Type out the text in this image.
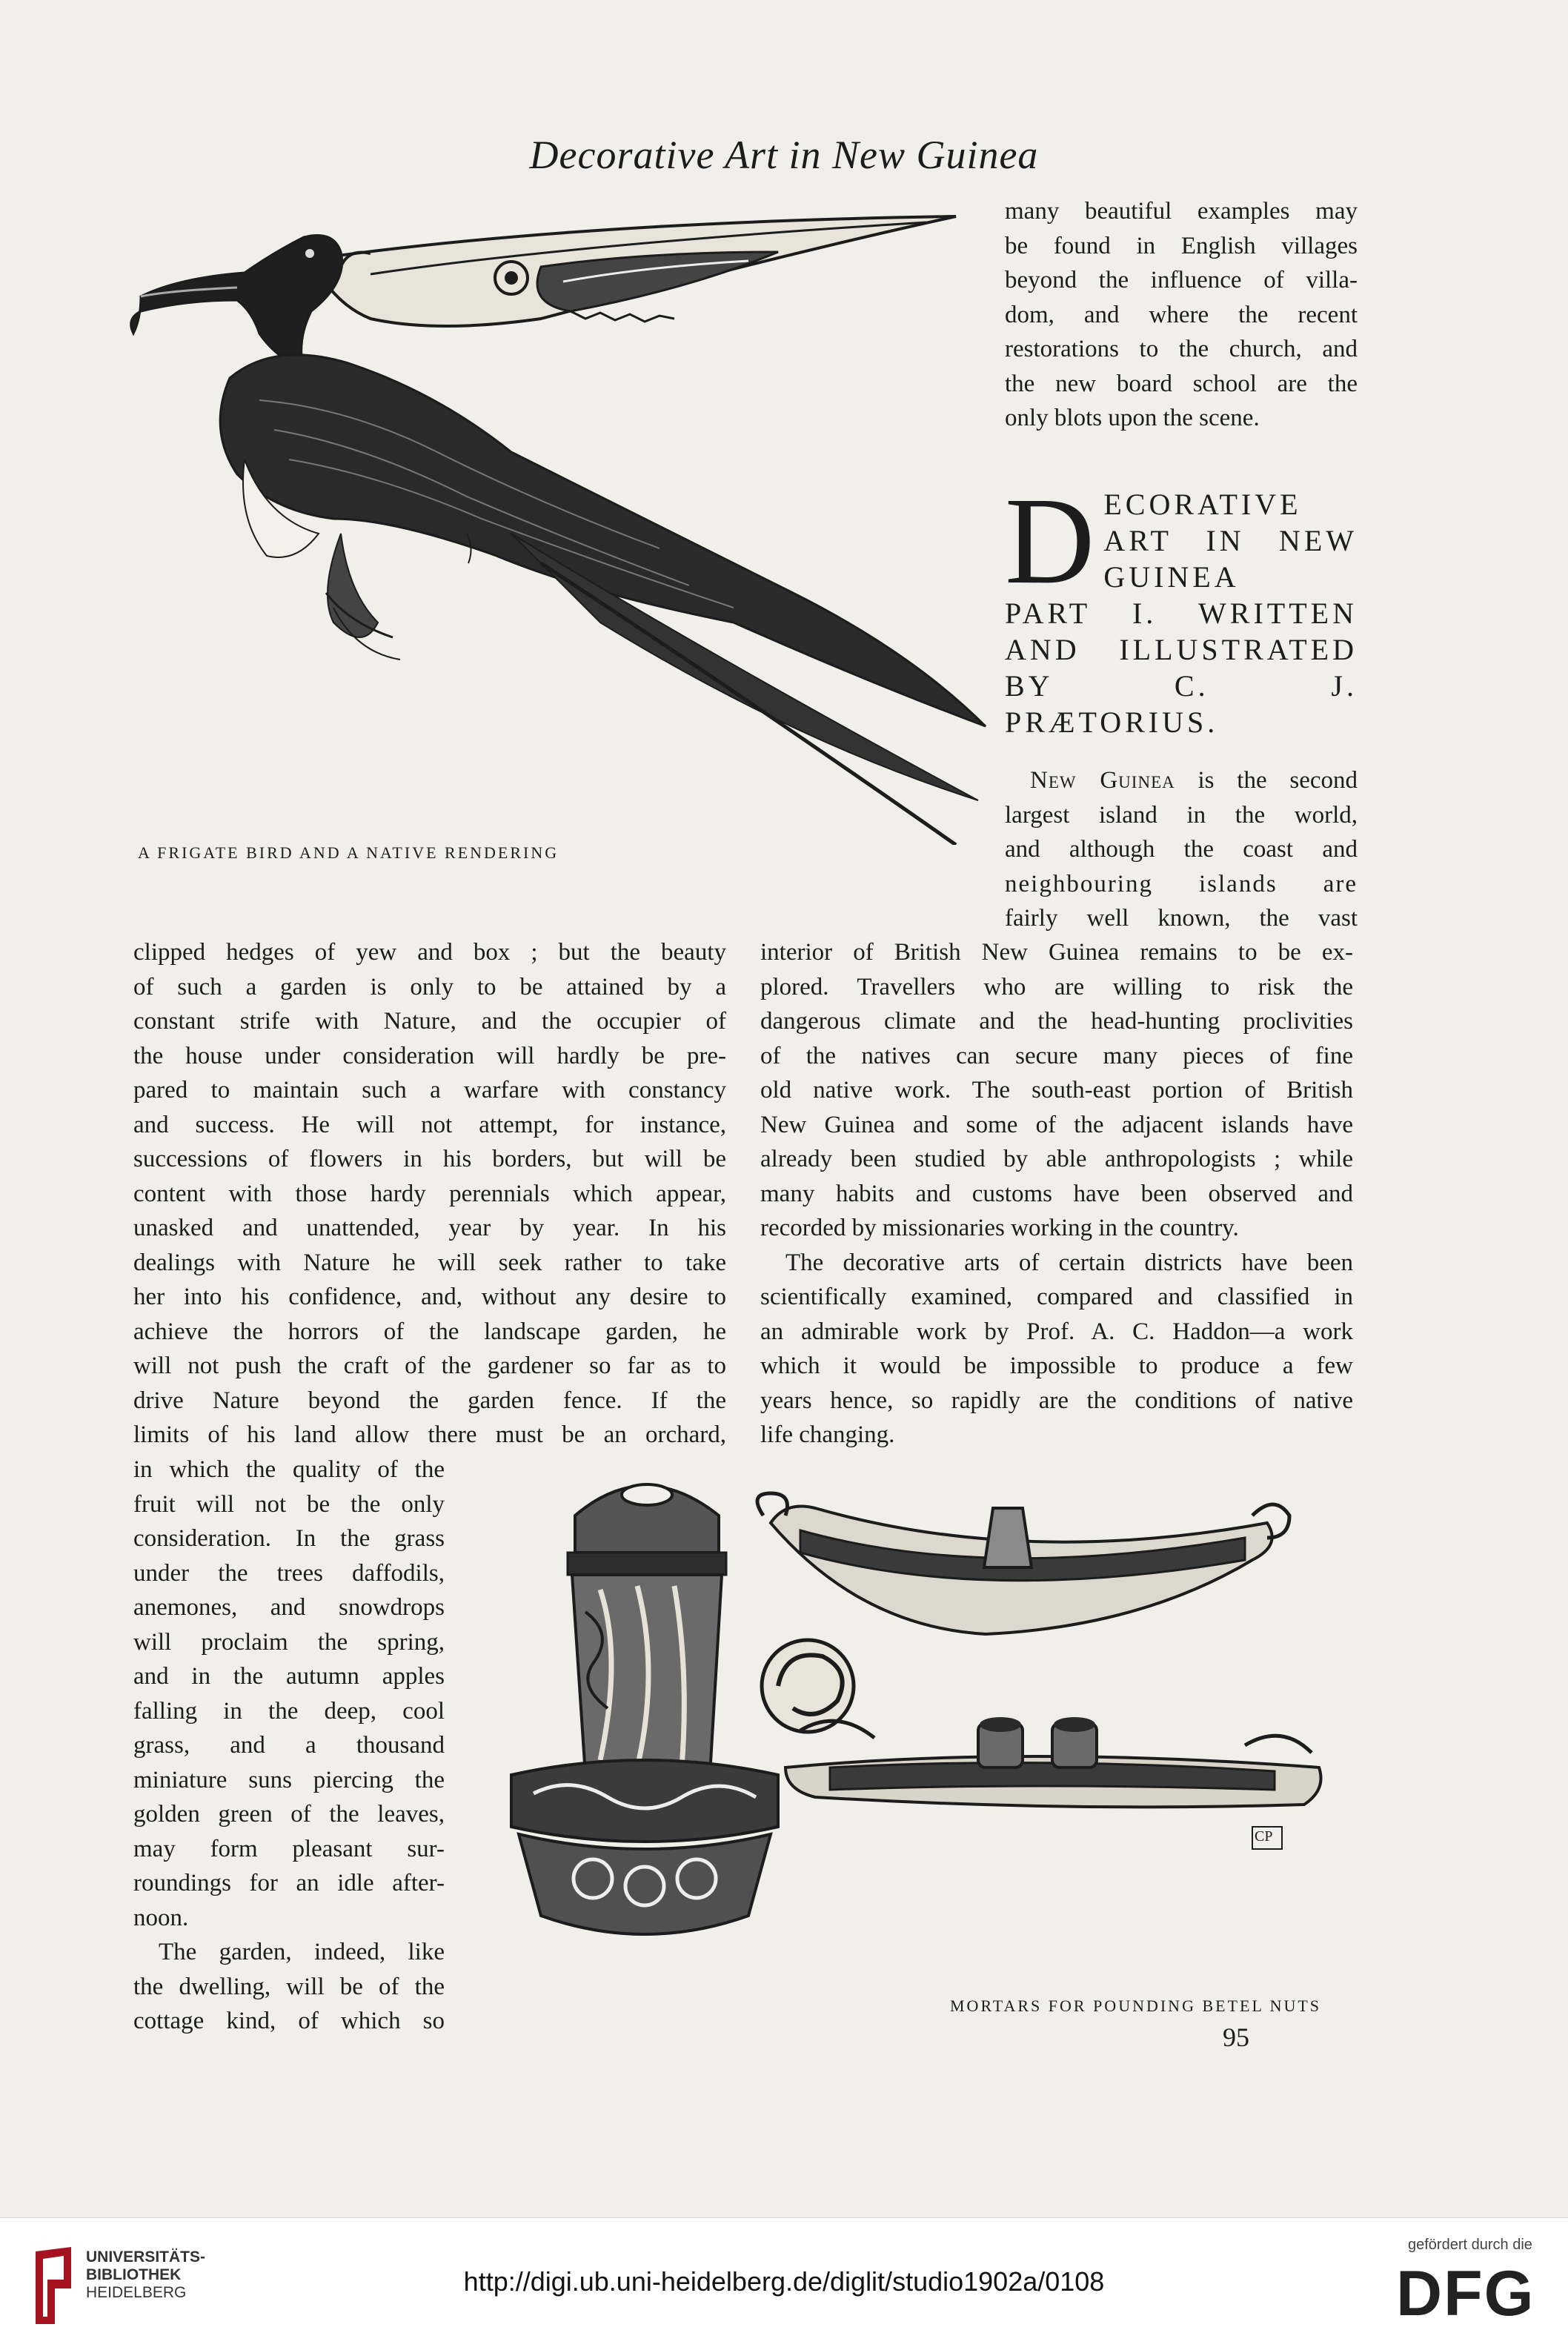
Decorative Art in New Guinea
many beautiful examples may
be found in English villages
beyond the influence of villa-
dom, and where the recent
restorations to the church, and
the new board school are the
only blots upon the scene.
D ECORATIVE
ART IN NEW
GUINEA
PART I. WRITTEN
AND ILLUSTRATED
BY C. J. PRÆTORIUS.
New Guinea is the second
largest island in the world,
and although the coast and
neighbouring islands are
fairly well known, the vast
A FRIGATE BIRD AND A NATIVE RENDERING
clipped hedges of yew and box ; but the beauty
of such a garden is only to be attained by a
constant strife with Nature, and the occupier of
the house under consideration will hardly be pre-
pared to maintain such a warfare with constancy
and success. He will not attempt, for instance,
successions of flowers in his borders, but will be
content with those hardy perennials which appear,
unasked and unattended, year by year. In his
dealings with Nature he will seek rather to take
her into his confidence, and, without any desire to
achieve the horrors of the landscape garden, he
will not push the craft of the gardener so far as to
drive Nature beyond the garden fence. If the
limits of his land allow there must be an orchard,
in which the quality of the
fruit will not be the only
consideration. In the grass
under the trees daffodils,
anemones, and snowdrops
will proclaim the spring,
and in the autumn apples
falling in the deep, cool
grass, and a thousand
miniature suns piercing the
golden green of the leaves,
may form pleasant sur-
roundings for an idle after-
noon.
The garden, indeed, like
the dwelling, will be of the
cottage kind, of which so
interior of British New Guinea remains to be ex-
plored. Travellers who are willing to risk the
dangerous climate and the head-hunting proclivities
of the natives can secure many pieces of fine
old native work. The south-east portion of British
New Guinea and some of the adjacent islands have
already been studied by able anthropologists ; while
many habits and customs have been observed and
recorded by missionaries working in the country.
The decorative arts of certain districts have been
scientifically examined, compared and classified in
an admirable work by Prof. A. C. Haddon—a work
which it would be impossible to produce a few
years hence, so rapidly are the conditions of native
life changing.
CP
MORTARS FOR POUNDING BETEL NUTS
95
UNIVERSITÄTS-
BIBLIOTHEK
HEIDELBERG	http://digi.ub.uni-heidelberg.de/diglit/studio1902a/0108
gefördert durch die
DFG
